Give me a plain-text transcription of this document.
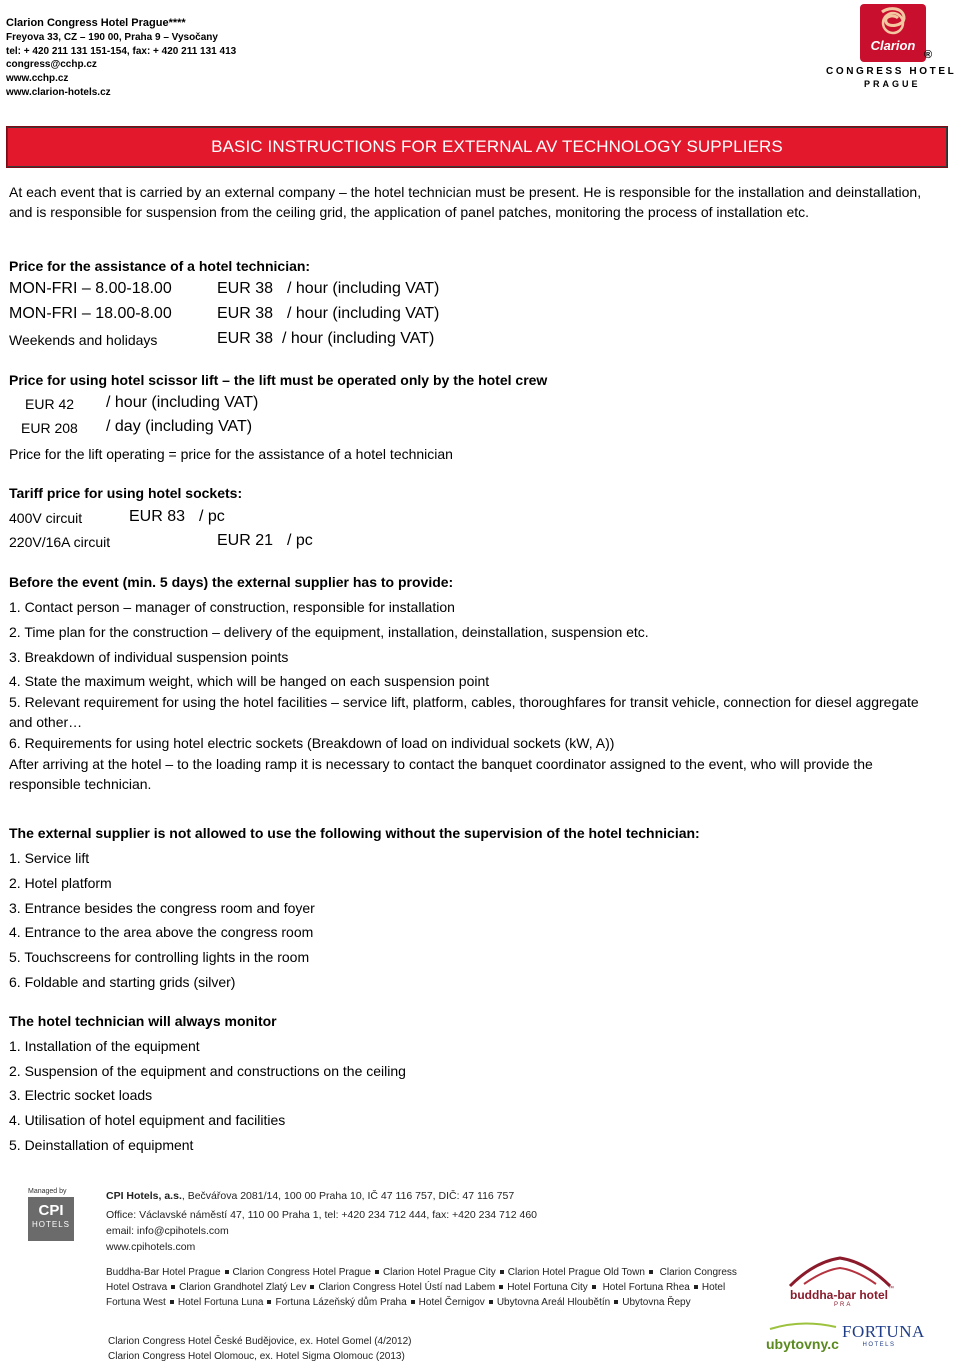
Clarion Congress Hotel Prague****
Freyova 33, CZ – 190 00, Praha 9 – Vysočany
tel: + 420 211 131 151-154, fax: + 420 211 131 413
congress@cchp.cz
www.cchp.cz
www.clarion-hotels.cz
Clarion
®
CONGRESS HOTEL
PRAGUE
BASIC INSTRUCTIONS FOR EXTERNAL AV TECHNOLOGY SUPPLIERS
At each event that is carried by an external company – the hotel technician must be present. He is responsible for the installation and deinstallation, and is responsible for suspension from the ceiling grid, the application of panel patches, monitoring the process of installation etc.
Price for the assistance of a hotel technician:
MON-FRI – 8.00-18.00	EUR 38 / hour (including VAT)
MON-FRI – 18.00-8.00	EUR 38 / hour (including VAT)
Weekends and holidays	EUR 38 / hour (including VAT)
Price for using hotel scissor lift – the lift must be operated only by the hotel crew
EUR 42 / hour (including VAT)
EUR 208 / day (including VAT)
Price for the lift operating = price for the assistance of a hotel technician
Tariff price for using hotel sockets:
400V circuit	EUR 83 / pc
220V/16A circuit	EUR 21 / pc
Before the event (min. 5 days) the external supplier has to provide:
1. Contact person – manager of construction, responsible for installation
2. Time plan for the construction – delivery of the equipment, installation, deinstallation, suspension etc.
3. Breakdown of individual suspension points
4. State the maximum weight, which will be hanged on each suspension point
5. Relevant requirement for using the hotel facilities – service lift, platform, cables, thoroughfares for transit vehicle, connection for diesel aggregate and other…
6. Requirements for using hotel electric sockets (Breakdown of load on individual sockets (kW, A))
After arriving at the hotel – to the loading ramp it is necessary to contact the banquet coordinator assigned to the event, who will provide the responsible technician.
The external supplier is not allowed to use the following without the supervision of the hotel technician:
1. Service lift
2. Hotel platform
3. Entrance besides the congress room and foyer
4. Entrance to the area above the congress room
5. Touchscreens for controlling lights in the room
6. Foldable and starting grids (silver)
The hotel technician will always monitor
1. Installation of the equipment
2. Suspension of the equipment and constructions on the ceiling
3. Electric socket loads
4. Utilisation of hotel equipment and facilities
5. Deinstallation of equipment
Managed by
CPI
HOTELS
CPI Hotels, a.s., Bečvářova 2081/14, 100 00 Praha 10, IČ 47 116 757, DIČ: 47 116 757
Office: Václavské náměstí 47, 110 00 Praha 1, tel: +420 234 712 444, fax: +420 234 712 460
email: info@cpihotels.com
www.cpihotels.com
Buddha-Bar Hotel Prague Clarion Congress Hotel Prague Clarion Hotel Prague City Clarion Hotel Prague Old Town Clarion Congress Hotel Ostrava Clarion Grandhotel Zlatý Lev Clarion Congress Hotel Ústí nad Labem Hotel Fortuna City Hotel Fortuna Rhea Hotel Fortuna West Hotel Fortuna Luna Fortuna Lázeňský dům Praha Hotel Černigov Ubytovna Areál Hloubětín Ubytovna Řepy
Clarion Congress Hotel České Budějovice, ex. Hotel Gomel (4/2012)
Clarion Congress Hotel Olomouc, ex. Hotel Sigma Olomouc (2013)
buddha-bar hotel
PRA
™
ubytovny.c
FORTUNA
HOTELS
